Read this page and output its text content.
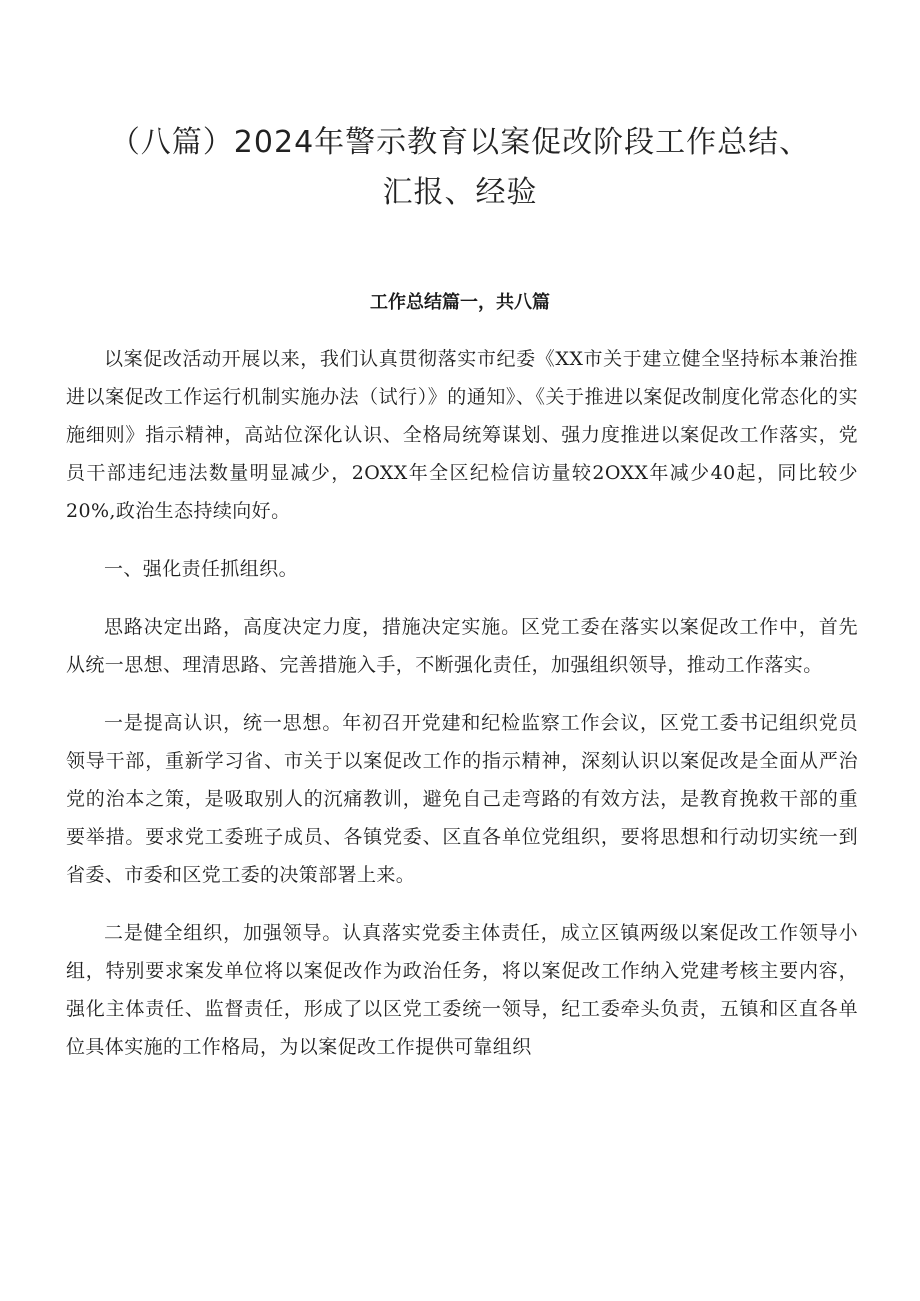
（八篇）2024年警示教育以案促改阶段工作总结、
汇报、经验
工作总结篇一，共八篇

以案促改活动开展以来，我们认真贯彻落实市纪委《XX市关于建立健全坚持标本兼治推进以案促改工作运行机制实施办法（试行）》的通知》、《关于推进以案促改制度化常态化的实施细则》指示精神，高站位深化认识、全格局统筹谋划、强力度推进以案促改工作落实，党员干部违纪违法数量明显减少，2OXX年全区纪检信访量较2OXX年减少40起，同比较少20%,政治生态持续向好。

一、强化责任抓组织。

思路决定出路，高度决定力度，措施决定实施。区党工委在落实以案促改工作中，首先从统一思想、理清思路、完善措施入手，不断强化责任，加强组织领导，推动工作落实。

一是提高认识，统一思想。年初召开党建和纪检监察工作会议，区党工委书记组织党员领导干部，重新学习省、市关于以案促改工作的指示精神，深刻认识以案促改是全面从严治党的治本之策，是吸取别人的沉痛教训，避免自己走弯路的有效方法，是教育挽救干部的重要举措。要求党工委班子成员、各镇党委、区直各单位党组织，要将思想和行动切实统一到省委、市委和区党工委的决策部署上来。

二是健全组织，加强领导。认真落实党委主体责任，成立区镇两级以案促改工作领导小组，特别要求案发单位将以案促改作为政治任务，将以案促改工作纳入党建考核主要内容，强化主体责任、监督责任，形成了以区党工委统一领导，纪工委牵头负责，五镇和区直各单位具体实施的工作格局，为以案促改工作提供可靠组织
